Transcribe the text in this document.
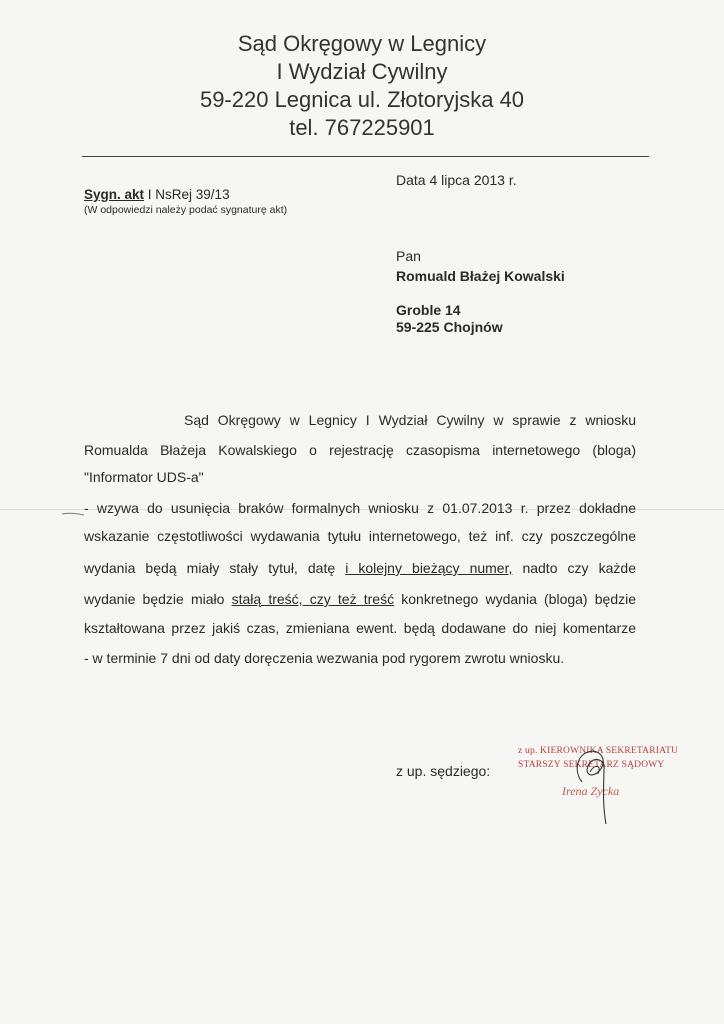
Sąd Okręgowy w Legnicy
I Wydział Cywilny
59-220 Legnica ul. Złotoryjska 40
tel. 767225901
Data 4 lipca 2013 r.
Sygn. akt I NsRej 39/13
(W odpowiedzi należy podać sygnaturę akt)
Pan
Romuald Błażej Kowalski
Groble 14
59-225 Chojnów
Sąd Okręgowy w Legnicy I Wydział Cywilny w sprawie z wniosku
Romualda Błażeja Kowalskiego o rejestrację czasopisma internetowego (bloga)
"Informator UDS-a"
- wzywa do usunięcia braków formalnych wniosku z 01.07.2013 r. przez dokładne
wskazanie częstotliwości wydawania tytułu internetowego, też inf. czy poszczególne
wydania będą miały stały tytuł, datę i kolejny bieżący numer, nadto czy każde
wydanie będzie miało stałą treść, czy też treść konkretnego wydania (bloga) będzie
kształtowana przez jakiś czas, zmieniana ewent. będą dodawane do niej komentarze
- w terminie 7 dni od daty doręczenia wezwania pod rygorem zwrotu wniosku.
z up. sędziego:
z up. KIEROWNIKA SEKRETARIATU
STARSZY SEKRETARZ SĄDOWY
Irena Zycka
